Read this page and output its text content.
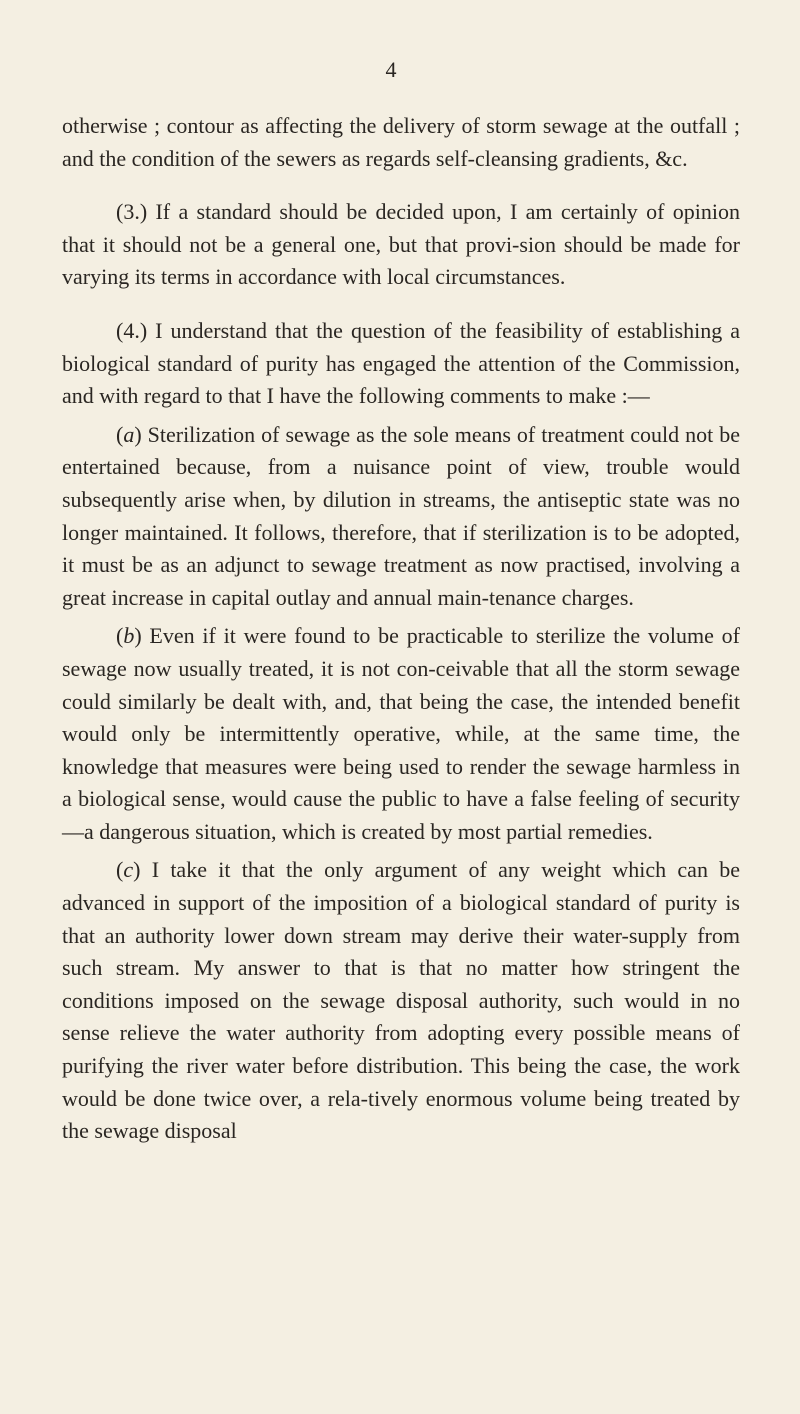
4

otherwise ; contour as affecting the delivery of storm sewage at the outfall ; and the condition of the sewers as regards self-cleansing gradients, &c.

(3.) If a standard should be decided upon, I am certainly of opinion that it should not be a general one, but that provi-sion should be made for varying its terms in accordance with local circumstances.

(4.) I understand that the question of the feasibility of establishing a biological standard of purity has engaged the attention of the Commission, and with regard to that I have the following comments to make :—

(a) Sterilization of sewage as the sole means of treatment could not be entertained because, from a nuisance point of view, trouble would subsequently arise when, by dilution in streams, the antiseptic state was no longer maintained. It follows, therefore, that if sterilization is to be adopted, it must be as an adjunct to sewage treatment as now practised, involving a great increase in capital outlay and annual main-tenance charges.

(b) Even if it were found to be practicable to sterilize the volume of sewage now usually treated, it is not con-ceivable that all the storm sewage could similarly be dealt with, and, that being the case, the intended benefit would only be intermittently operative, while, at the same time, the knowledge that measures were being used to render the sewage harmless in a biological sense, would cause the public to have a false feeling of security—a dangerous situation, which is created by most partial remedies.

(c) I take it that the only argument of any weight which can be advanced in support of the imposition of a biological standard of purity is that an authority lower down stream may derive their water-supply from such stream. My answer to that is that no matter how stringent the conditions imposed on the sewage disposal authority, such would in no sense relieve the water authority from adopting every possible means of purifying the river water before distribution. This being the case, the work would be done twice over, a rela-tively enormous volume being treated by the sewage disposal
